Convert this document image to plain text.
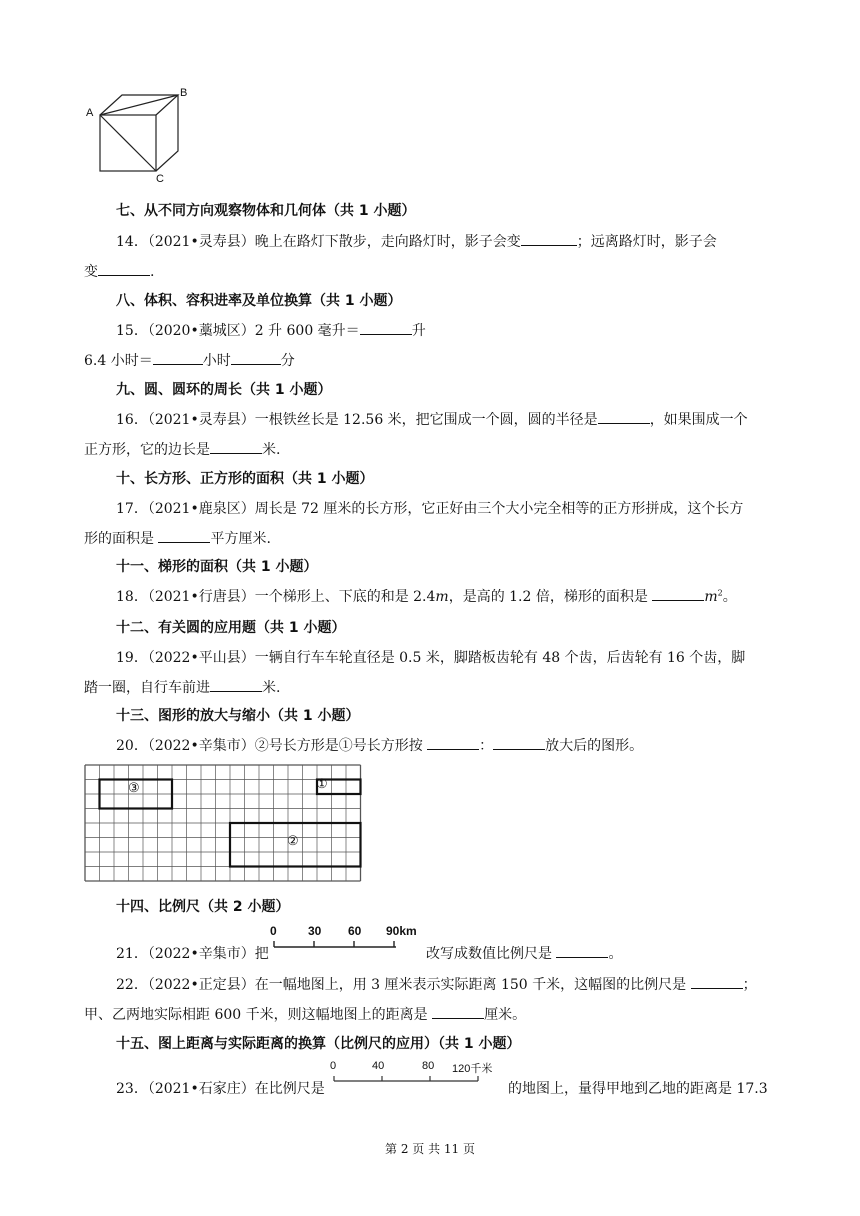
A
B
C
七、从不同方向观察物体和几何体（共 1 小题）
14．（2021•灵寿县）晚上在路灯下散步，走向路灯时，影子会变	；远离路灯时，影子会
变	.
八、体积、容积进率及单位换算（共 1 小题）
15．（2020•藁城区）2 升 600 毫升＝	升
6.4 小时＝	小时	分
九、圆、圆环的周长（共 1 小题）
16．（2021•灵寿县）一根铁丝长是 12.56 米，把它围成一个圆，圆的半径是	，如果围成一个
正方形，它的边长是	米.
十、长方形、正方形的面积（共 1 小题）
17．（2021•鹿泉区）周长是 72 厘米的长方形，它正好由三个大小完全相等的正方形拼成，这个长方
形的面积是	平方厘米.
十一、梯形的面积（共 1 小题）
18．（2021•行唐县）一个梯形上、下底的和是 2.4m，是高的 1.2 倍，梯形的面积是	$m^2$。
十二、有关圆的应用题（共 1 小题）
19．（2022•平山县）一辆自行车车轮直径是 0.5 米，脚踏板齿轮有 48 个齿，后齿轮有 16 个齿，脚
踏一圈，自行车前进	米.
十三、图形的放大与缩小（共 1 小题）
20．（2022•辛集市）②号长方形是①号长方形按	：	放大后的图形。
③	①
②
十四、比例尺（共 2 小题）
0	30 60 90km
21．（2022•辛集市）把	改写成数值比例尺是	。
22．（2022•正定县）在一幅地图上，用 3 厘米表示实际距离 150 千米，这幅图的比例尺是	；
甲、乙两地实际相距 600 千米，则这幅地图上的距离是	厘米。
十五、图上距离与实际距离的换算（比例尺的应用）（共 1 小题）
0	40	80 120千米
23．（2021•石家庄）在比例尺是	的地图上，量得甲地到乙地的距离是 17.3
第 2 页 共 11 页
